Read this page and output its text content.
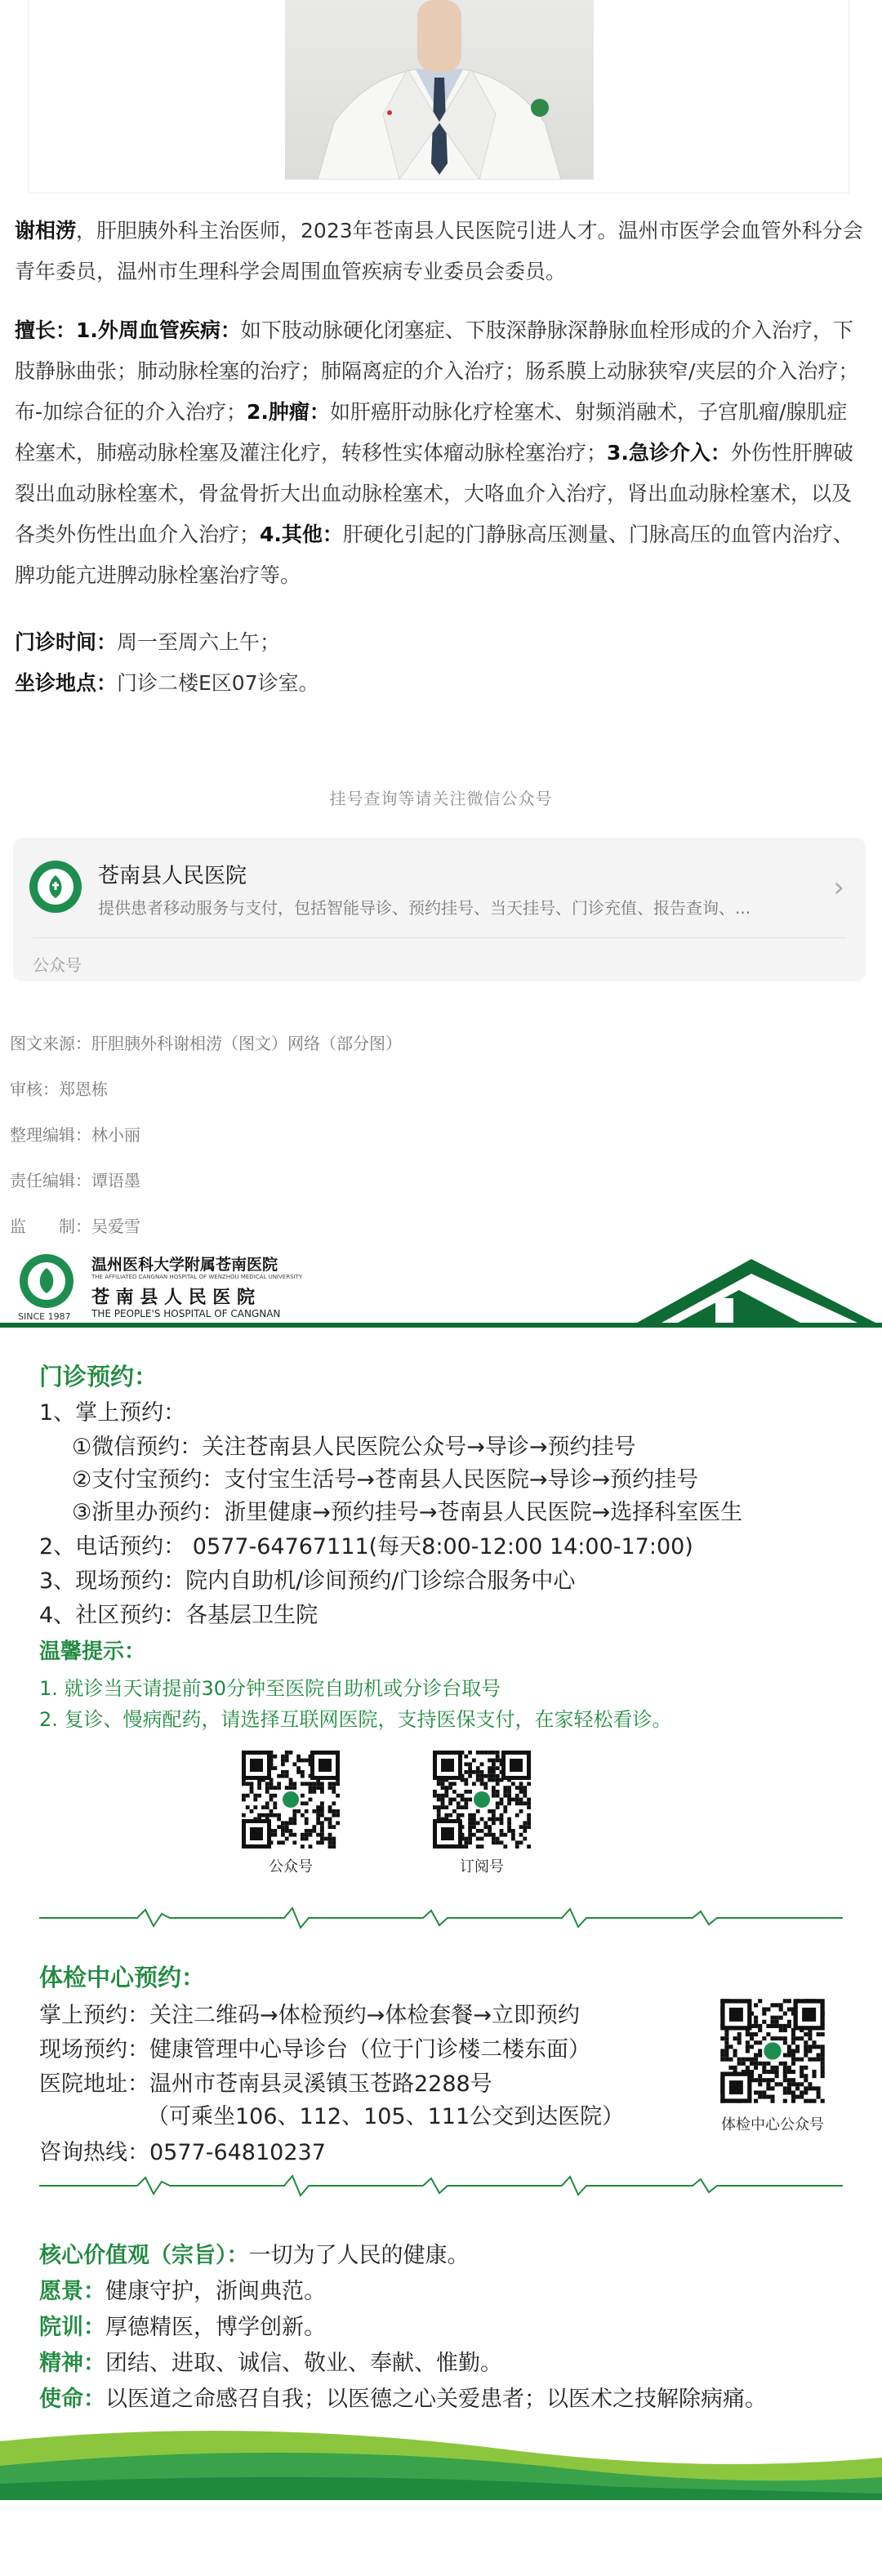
谢相涝，肝胆胰外科主治医师，2023年苍南县人民医院引进人才。温州市医学会血管外科分会青年委员，温州市生理科学会周围血管疾病专业委员会委员。

擅长：1.外周血管疾病：如下肢动脉硬化闭塞症、下肢深静脉深静脉血栓形成的介入治疗，下肢静脉曲张；肺动脉栓塞的治疗；肺隔离症的介入治疗；肠系膜上动脉狭窄/夹层的介入治疗；布-加综合征的介入治疗；2.肿瘤：如肝癌肝动脉化疗栓塞术、射频消融术，子宫肌瘤/腺肌症栓塞术，肺癌动脉栓塞及灌注化疗，转移性实体瘤动脉栓塞治疗；3.急诊介入：外伤性肝脾破裂出血动脉栓塞术，骨盆骨折大出血动脉栓塞术，大咯血介入治疗，肾出血动脉栓塞术，以及各类外伤性出血介入治疗；4.其他：肝硬化引起的门静脉高压测量、门脉高压的血管内治疗、脾功能亢进脾动脉栓塞治疗等。

门诊时间：周一至周六上午；

坐诊地点：门诊二楼E区07诊室。

挂号查询等请关注微信公众号
苍南县人民医院
提供患者移动服务与支付，包括智能导诊、预约挂号、当天挂号、门诊充值、报告查询、...
›
公众号
图文来源：肝胆胰外科谢相涝（图文）网络（部分图）
审核：郑恩栋
整理编辑：林小丽
责任编辑：谭语墨
监　　制：吴爱雪
SINCE 1987
温州医科大学附属苍南医院
THE AFFILIATED CANGNAN HOSPITAL OF WENZHOU MEDICAL UNIVERSITY
苍 南 县 人 民 医 院
THE PEOPLE'S HOSPITAL OF CANGNAN
门诊预约：
1、掌上预约：
①微信预约：关注苍南县人民医院公众号→导诊→预约挂号
②支付宝预约：支付宝生活号→苍南县人民医院→导诊→预约挂号
③浙里办预约：浙里健康→预约挂号→苍南县人民医院→选择科室医生
2、电话预约： 0577-64767111(每天8:00-12:00 14:00-17:00)
3、现场预约：院内自助机/诊间预约/门诊综合服务中心
4、社区预约：各基层卫生院
温馨提示：
1. 就诊当天请提前30分钟至医院自助机或分诊台取号
2. 复诊、慢病配药，请选择互联网医院，支持医保支付，在家轻松看诊。
公众号	订阅号
体检中心预约：
掌上预约：关注二维码→体检预约→体检套餐→立即预约
现场预约：健康管理中心导诊台（位于门诊楼二楼东面）
医院地址：温州市苍南县灵溪镇玉苍路2288号
（可乘坐106、112、105、111公交到达医院）
咨询热线：0577-64810237
体检中心公众号
核心价值观（宗旨）：一切为了人民的健康。
愿景：健康守护，浙闽典范。
院训：厚德精医，博学创新。
精神：团结、进取、诚信、敬业、奉献、惟勤。
使命：以医道之命感召自我；以医德之心关爱患者；以医术之技解除病痛。
